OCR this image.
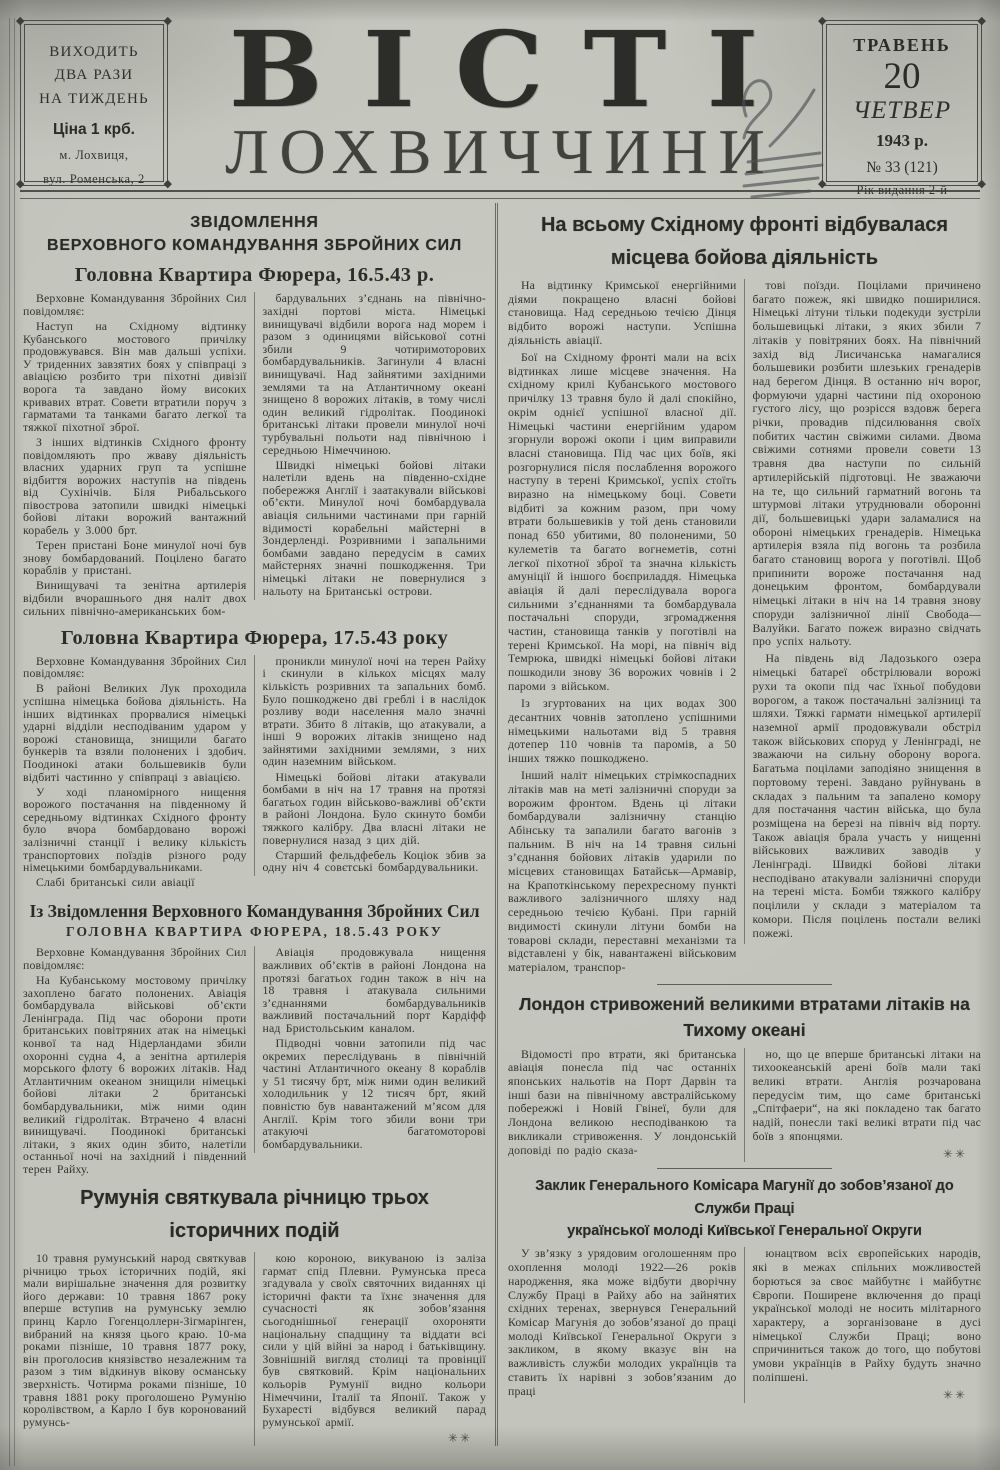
◆	◆
◆	◆
ВИХОДИТЬ
ДВА РАЗИ
НА ТИЖДЕНЬ
Ціна 1 крб.
м. Лохвиця,
вул. Роменська, 2
ВІСТІ
ЛОХВИЧЧИНИ
◆	◆
◆	◆
ТРАВЕНЬ
20
ЧЕТВЕР
1943 р.
№ 33 (121)
Рік видання 2-й
ЗВІДОМЛЕННЯ
ВЕРХОВНОГО КОМАНДУВАННЯ ЗБРОЙНИХ СИЛ
Головна Квартира Фюрера, 16.5.43 р.

Верховне Командування Збройних Сил повідомляє:

Наступ на Східному відтинку Кубанського мостового причілку продовжувався. Він мав дальші успіхи. У триденних завзятих боях у співпраці з авіацією розбито три піхотні дивізії ворога та завдано йому високих кривавих втрат. Совети втратили поруч з гарматами та танками багато легкої та тяжкої піхотної зброї.

З інших відтинків Східного фронту повідомляють про жваву діяльність власних ударних груп та успішне відбиття ворожих наступів на південь від Сухінічів. Біля Рибальського півострова затопили швидкі німецькі бойові літаки ворожий вантажний корабель у 3.000 брт.

Терен пристані Боне минулої ночі був знову бомбардований. Поцілено багато кораблів у пристані.

Винищувачі та зенітна артилерія відбили вчорашнього дня наліт двох сильних північно-американських бом-

бардувальних з’єднань на північно-західні портові міста. Німецькі винищувачі відбили ворога над морем і разом з одиницями військової сотні збили 9 чотиримоторових бомбардувальників. Загинули 4 власні винищувачі. Над зайнятими західними землями та на Атлантичному океані знищено 8 ворожих літаків, в тому числі один великий гідролітак. Поодинокі британські літаки провели минулої ночі турбувальні польоти над північною і середньою Німеччиною.

Швидкі німецькі бойові літаки налетіли вдень на південно-східне побережжя Англії і заатакували військові об’єкти. Минулої ночі бомбардувала авіація сильними частинами при гарній відимості корабельні майстерні в Зондерленді. Розривними і запальними бомбами завдано передусім в самих майстернях значні пошкодження. Три німецькі літаки не повернулися з нальоту на Британські острови.

Головна Квартира Фюрера, 17.5.43 року

Верховне Командування Збройних Сил повідомляє:

В районі Великих Лук проходила успішна німецька бойова діяльність. На інших відтинках прорвалися німецькі ударні відділи несподіваним ударом у ворожі становища, знищили багато бункерів та взяли полонених і здобич. Поодинокі атаки большевиків були відбиті частинно у співпраці з авіацією.

У ході планомірного нищення ворожого постачання на південному й середньому відтинках Східного фронту було вчора бомбардовано ворожі залізничні станції і велику кількість транспортових поїздів різного роду німецькими бомбардувальниками.

Слабі британські сили авіації

проникли минулої ночі на терен Райху і скинули в кількох місцях малу кількість розривних та запальних бомб. Було пошкоджено дві греблі і в наслідок розливу води населення мало значні втрати. Збито 8 літаків, що атакували, а інші 9 ворожих літаків знищено над зайнятими західними землями, з них один наземним військом.

Німецькі бойові літаки атакували бомбами в ніч на 17 травня на протязі багатьох годин військово-важливі об’єкти в районі Лондона. Було скинуто бомби тяжкого калібру. Два власні літаки не повернулися назад з цих дій.

Старший фельдфебель Коціок збив за одну ніч 4 совєтські бомбардувальники.

Із Звідомлення Верховного Командування Збройних Сил
ГОЛОВНА КВАРТИРА ФЮРЕРА, 18.5.43 РОКУ

Верховне Командування Збройних Сил повідомляє:

На Кубанському мостовому причілку захоплено багато полонених. Авіація бомбардувала військові об’єкти Ленінграда. Під час оборони проти британських повітряних атак на німецькі конвої та над Нідерландами збили охоронні судна 4, а зенітна артилерія морського флоту 6 ворожих літаків. Над Атлантичним океаном знищили німецькі бойові літаки 2 британські бомбардувальники, між ними один великий гідролітак. Втрачено 4 власні винищувачі. Поодинокі британські літаки, з яких один збито, налетіли останньої ночі на західний і південний терен Райху.

Авіація продовжувала нищення важливих об’єктів в районі Лондона на протязі багатьох годин також в ніч на 18 травня і атакувала сильними з’єднаннями бомбардувальників важливий постачальний порт Кардіфф над Бристольським каналом.

Підводні човни затопили під час окремих переслідувань в північній частині Атлантичного океану 8 кораблів у 51 тисячу брт, між ними один великий холодильник у 12 тисяч брт, який повністю був навантажений м’ясом для Англії. Крім того збили вони три атакуючі багатомоторові бомбардувальники.

Румунія святкувала річницю трьох
історичних подій

10 травня румунський народ святкував річницю трьох історичних подій, які мали вирішальне значення для розвитку його держави: 10 травня 1867 року вперше вступив на румунську землю принц Карло Гогенцоллерн-Зігмарінген, вибраний на князя цього краю. 10-ма роками пізніше, 10 травня 1877 року, він проголосив князівство незалежним та разом з тим відкинув вікову османську зверхність. Чотирма роками пізніше, 10 травня 1881 року проголошено Румунію королівством, а Карло І був коронований румунсь-

кою короною, викуваною із заліза гармат спід Плевни. Румунська преса згадувала у своїх святочних виданнях ці історичні факти та їхнє значення для сучасності як зобов’язання сьогоднішньої генерації охороняти національну спадщину та віддати всі сили у цій війні за народ і батьківщину. Зовнішній вигляд столиці та провінції був святковий. Крім національних кольорів Румунії видно кольори Німеччини, Італії та Японії. Також у Бухаресті відбувся великий парад румунської армії.

✳✳
На всьому Східному фронті відбувалася
місцева бойова діяльність

На відтинку Кримської енергійними діями покращено власні бойові становища. Над середньою течією Дінця відбито ворожі наступи. Успішна діяльність авіації.

Бої на Східному фронті мали на всіх відтинках лише місцеве значення. На східному крилі Кубанського мостового причілку 13 травня було й далі спокійно, окрім однієї успішної власної дії. Німецькі частини енергійним ударом згорнули ворожі окопи і цим виправили власні становища. Під час цих боїв, які розгорнулися після послаблення ворожого наступу в терені Кримської, успіх стоїть виразно на німецькому боці. Совети відбиті за кожним разом, при чому втрати большевиків у той день становили понад 650 убитими, 80 полоненими, 50 кулеметів та багато вогнеметів, сотні легкої піхотної зброї та значна кількість амуніції й іншого боєприладдя. Німецька авіація й далі переслідувала ворога сильними з’єднаннями та бомбардувала постачальні споруди, згромадження частин, становища танків у поготівлі на терені Кримської. На морі, на північ від Темрюка, швидкі німецькі бойові літаки пошкодили знову 36 ворожих човнів і 2 пароми з військом.

Із згуртованих на цих водах 300 десантних човнів затоплено успішними німецькими нальотами від 5 травня дотепер 110 човнів та паромів, а 50 інших тяжко пошкоджено.

Інший наліт німецьких стрімкоспадних літаків мав на меті залізничні споруди за ворожим фронтом. Вдень ці літаки бомбардували залізничну станцію Абінську та запалили багато вагонів з пальним. В ніч на 14 травня сильні з’єднання бойових літаків ударили по місцевих становищах Батайськ—Армавір, на Крапоткінському перехресному пункті важливого залізничного шляху над середньою течією Кубані. При гарній видимості скинули літуни бомби на товарові склади, переставні механізми та відставлені у бік, навантажені військовим матеріалом, транспор-

тові поїзди. Поцілами причинено багато пожеж, які швидко поширилися. Німецькі літуни тільки подекуди зустріли большевицькі літаки, з яких збили 7 літаків у повітряних боях. На північний захід від Лисичанська намагалися большевики розбити шлезьких гренадерів над берегом Дінця. В останню ніч ворог, формуючи ударні частини під охороною густого лісу, що розрісся вздовж берега річки, провадив підсилювання своїх побитих частин свіжими силами. Двома свіжими сотнями провели совети 13 травня два наступи по сильній артилерійській підготовці. Не зважаючи на те, що сильний гарматний вогонь та штурмові літаки утруднювали оборонні дії, большевицькі удари заламалися на обороні німецьких гренадерів. Німецька артилерія взяла під вогонь та розбила багато становищ ворога у поготівлі. Щоб припинити вороже постачання над донецьким фронтом, бомбардували німецькі літаки в ніч на 14 травня знову споруди залізничної лінії Свобода—Валуйки. Багато пожеж виразно свідчать про успіх нальоту.

На південь від Ладозького озера німецькі батареї обстрілювали ворожі рухи та окопи під час їхньої побудови ворогом, а також постачальні залізниці та шляхи. Тяжкі гармати німецької артилерії наземної армії продовжували обстріл також військових споруд у Ленінграді, не зважаючи на сильну оборону ворога. Багатьма поцілами заподіяно знищення в портовому терені. Завдано руйнувань в складах з пальним та запалено комору для постачання частин війська, що була розміщена на березі на північ від порту. Також авіація брала участь у нищенні військових важливих заводів у Ленінграді. Швидкі бойові літаки несподівано атакували залізничні споруди на терені міста. Бомби тяжкого калібру поцілили у склади з матеріалом та комори. Після поцілень постали великі пожежі.

Лондон стривожений великими втратами літаків на
Тихому океані

Відомості про втрати, які британська авіація понесла під час останніх японських нальотів на Порт Дарвін та інші бази на північному австралійському побережжі і Новій Гвінеї, були для Лондона великою несподіванкою та викликали стривоження. У лондонській доповіді по радіо сказа-

но, що це вперше британські літаки на тихоокеанській арені боїв мали такі великі втрати. Англія розчарована передусім тим, що саме британські „Спітфаери“, на які покладено так багато надій, понесли такі великі втрати під час боїв з японцями.

✳✳
Заклик Генерального Комісара Магунії до зобов’язаної до Служби Праці
української молоді Київської Генеральної Округи

У зв’язку з урядовим оголошенням про охоплення молоді 1922—26 років народження, яка може відбути дворічну Службу Праці в Райху або на зайнятих східних теренах, звернувся Генеральний Комісар Магунія до зобов’язаної до праці молоді Київської Генеральної Округи з закликом, в якому вказує він на важливість служби молодих українців та ставить їх нарівні з зобов’язаним до праці

юнацтвом всіх європейських народів, які в межах спільних можливостей борються за своє майбутнє і майбутнє Європи. Поширене включення до праці української молоді не носить мілітарного характеру, а зорганізоване в дусі німецької Служби Праці; воно спричиниться також до того, що побутові умови українців в Райху будуть значно поліпшені.

✳✳
